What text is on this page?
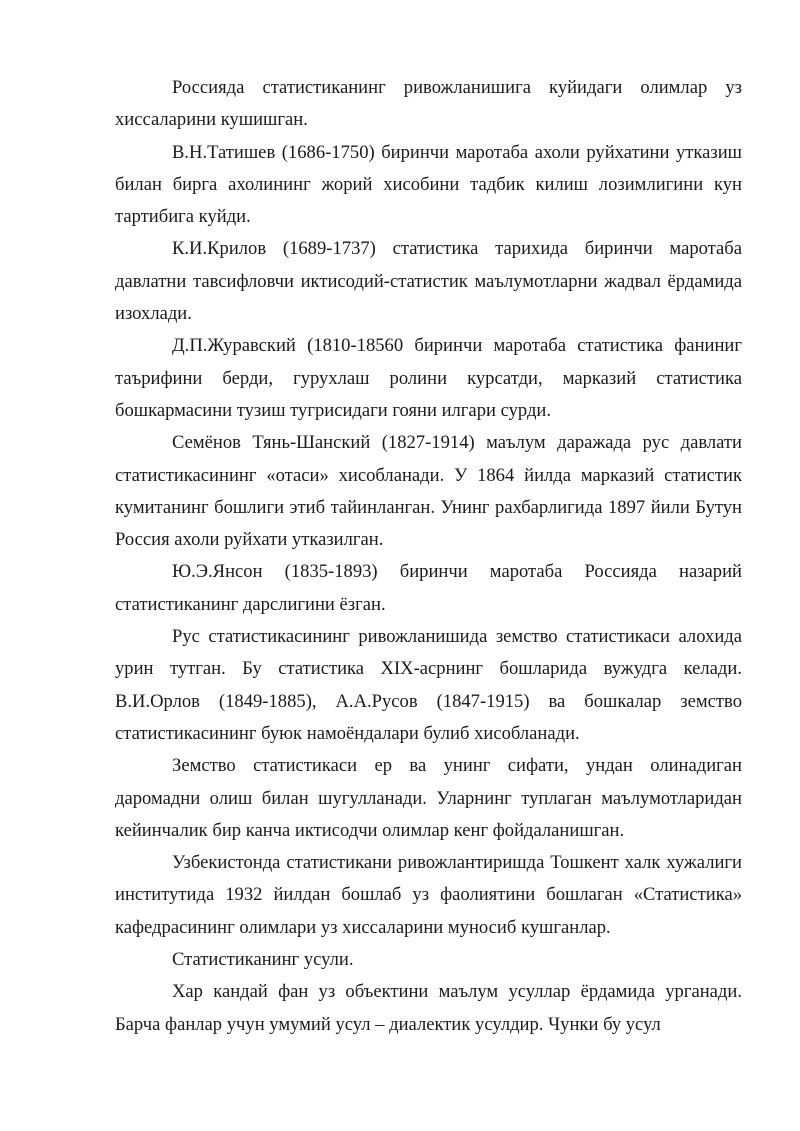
Россияда статистиканинг ривожланишига куйидаги олимлар уз хиссаларини кушишган.

В.Н.Татишев (1686-1750) биринчи маротаба ахоли руйхатини утказиш билан бирга ахолининг жорий хисобини тадбик килиш лозимлигини кун тартибига куйди.

К.И.Крилов (1689-1737) статистика тарихида биринчи маротаба давлатни тавсифловчи иктисодий-статистик маълумотларни жадвал ёрдамида изохлади.

Д.П.Журавский (1810-18560 биринчи маротаба статистика фаниниг таърифини берди, гурухлаш ролини курсатди, марказий статистика бошкармасини тузиш тугрисидаги гояни илгари сурди.

Семёнов Тянь-Шанский (1827-1914) маълум даражада рус давлати статистикасининг «отаси» хисобланади. У 1864 йилда марказий статистик кумитанинг бошлиги этиб тайинланган. Унинг рахбарлигида 1897 йили Бутун Россия ахоли руйхати утказилган.

Ю.Э.Янсон (1835-1893) биринчи маротаба Россияда назарий статистиканинг дарслигини ёзган.

Рус статистикасининг ривожланишида земство статистикаси алохида урин тутган. Бу статистика XIX-асрнинг бошларида вужудга келади. В.И.Орлов (1849-1885), А.А.Русов (1847-1915) ва бошкалар земство статистикасининг буюк намоёндалари булиб хисобланади.

Земство статистикаси ер ва унинг сифати, ундан олинадиган даромадни олиш билан шугулланади. Уларнинг туплаган маълумотларидан кейинчалик бир канча иктисодчи олимлар кенг фойдаланишган.

Узбекистонда статистикани ривожлантиришда Тошкент халк хужалиги институтида 1932 йилдан бошлаб уз фаолиятини бошлаган «Статистика» кафедрасининг олимлари уз хиссаларини муносиб кушганлар.

Статистиканинг усули.

Хар кандай фан уз объектини маълум усуллар ёрдамида урганади. Барча фанлар учун умумий усул – диалектик усулдир. Чунки бу усул
